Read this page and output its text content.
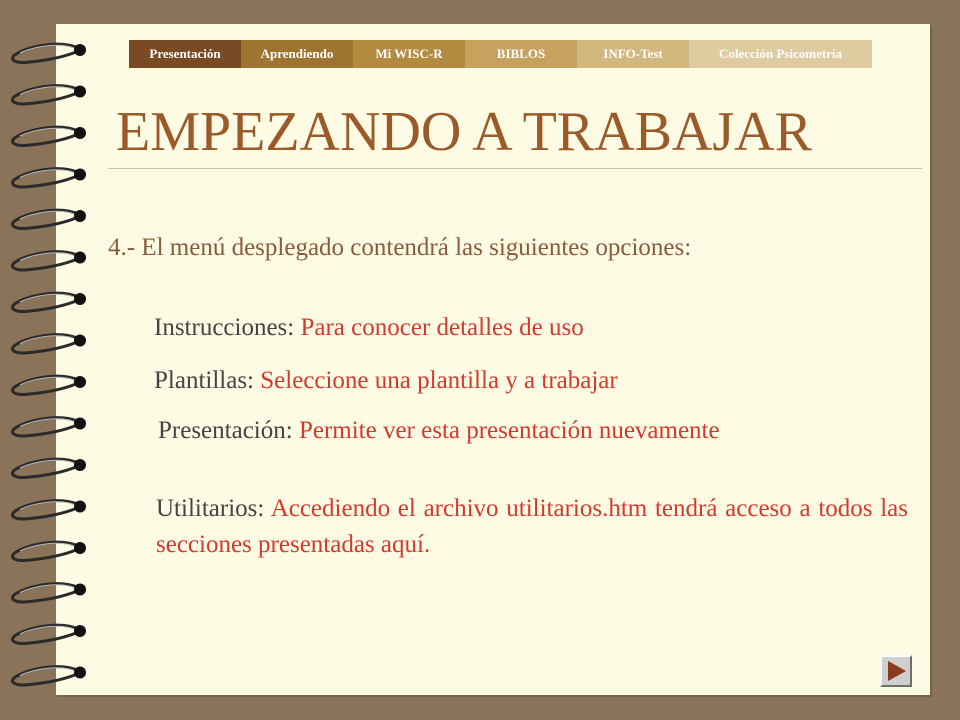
Presentación	Aprendiendo	Mi WISC-R	BIBLOS	INFO-Test	Colección Psicometría
EMPEZANDO A TRABAJAR
4.- El menú desplegado contendrá las siguientes opciones:
Instrucciones: Para conocer detalles de uso
Plantillas: Seleccione una plantilla y a trabajar
Presentación: Permite ver esta presentación nuevamente
Utilitarios: Accediendo el archivo utilitarios.htm tendrá acceso a todos las secciones presentadas aquí.
